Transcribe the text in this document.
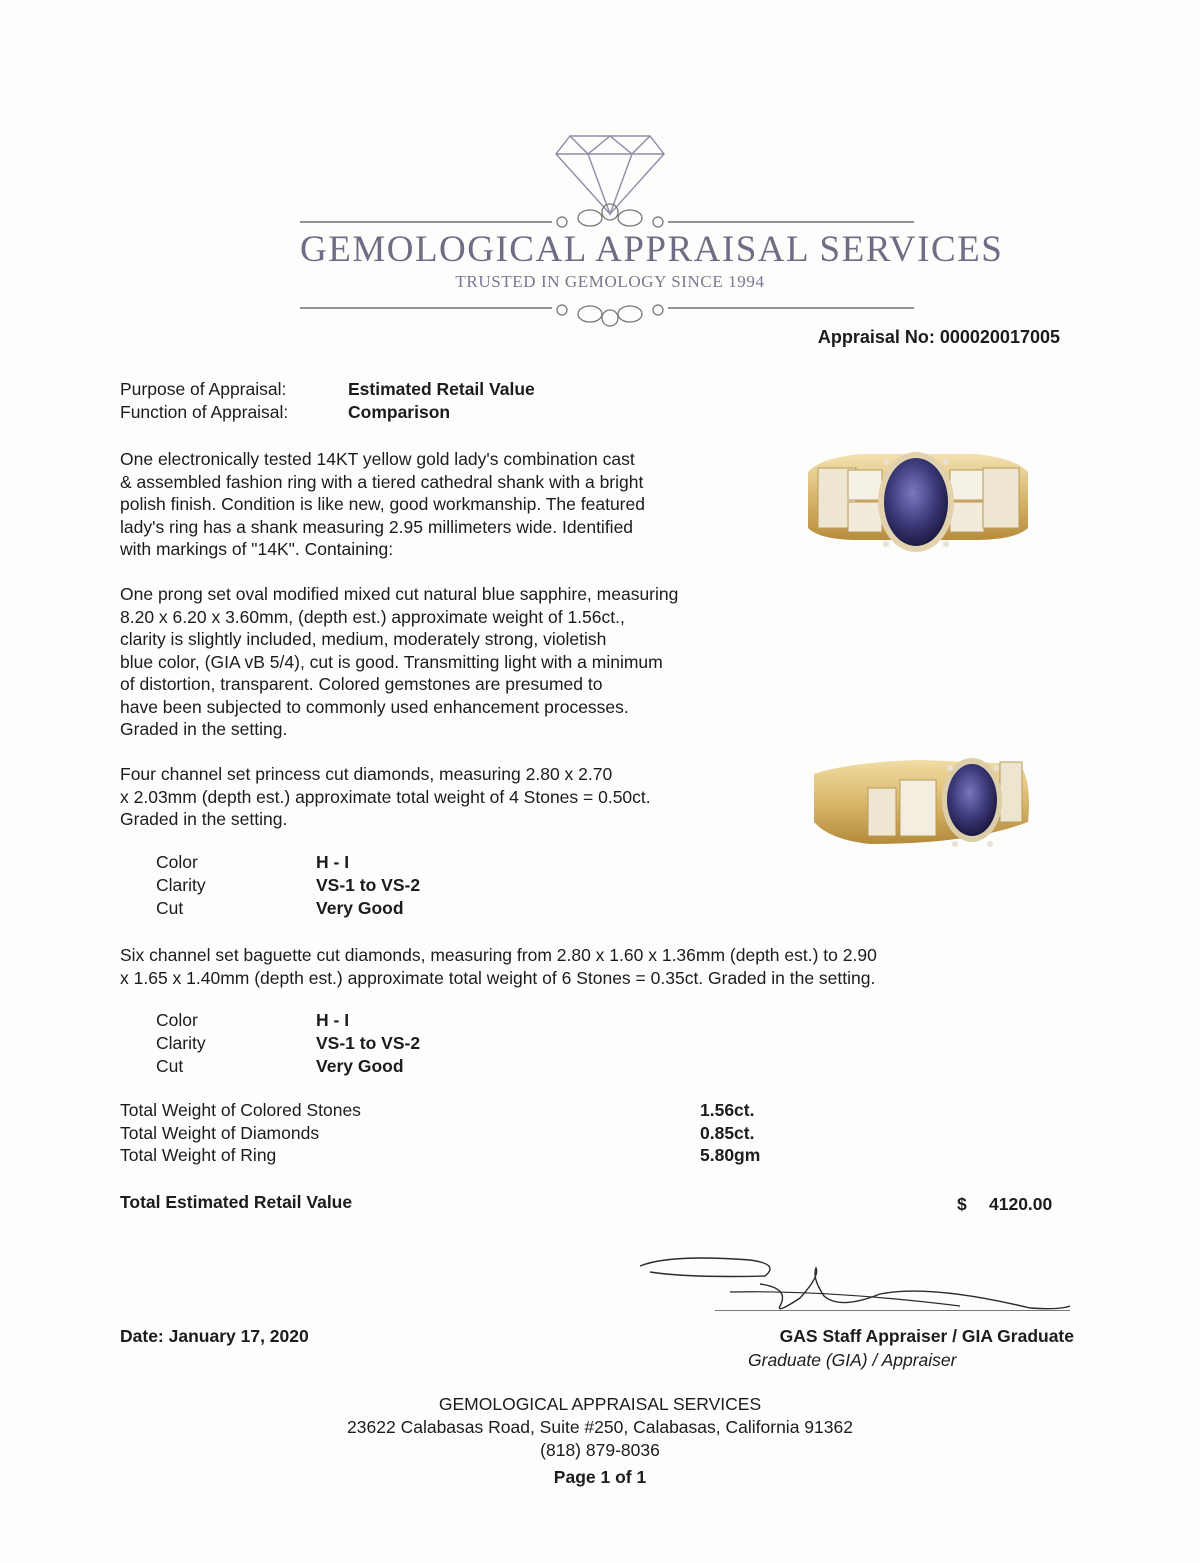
GEMOLOGICAL APPRAISAL SERVICES
TRUSTED IN GEMOLOGY SINCE 1994
Appraisal No: 000020017005
Purpose of Appraisal:	Estimated Retail Value
Function of Appraisal:	Comparison
One electronically tested 14KT yellow gold lady's combination cast
& assembled fashion ring with a tiered cathedral shank with a bright
polish finish. Condition is like new, good workmanship. The featured
lady's ring has a shank measuring 2.95 millimeters wide. Identified
with markings of "14K". Containing:
One prong set oval modified mixed cut natural blue sapphire, measuring
8.20 x 6.20 x 3.60mm, (depth est.) approximate weight of 1.56ct.,
clarity is slightly included, medium, moderately strong, violetish
blue color, (GIA vB 5/4), cut is good. Transmitting light with a minimum
of distortion, transparent. Colored gemstones are presumed to
have been subjected to commonly used enhancement processes.
Graded in the setting.
Four channel set princess cut diamonds, measuring 2.80 x 2.70
x 2.03mm (depth est.) approximate total weight of 4 Stones = 0.50ct.
Graded in the setting.
Color	H - I
Clarity	VS-1 to VS-2
Cut	Very Good
Six channel set baguette cut diamonds, measuring from 2.80 x 1.60 x 1.36mm (depth est.) to 2.90
x 1.65 x 1.40mm (depth est.) approximate total weight of 6 Stones = 0.35ct. Graded in the setting.
Color	H - I
Clarity	VS-1 to VS-2
Cut	Very Good
Total Weight of Colored Stones	1.56ct.
Total Weight of Diamonds	0.85ct.
Total Weight of Ring	5.80gm
Total Estimated Retail Value	$ 4120.00
Date: January 17, 2020	GAS Staff Appraiser / GIA Graduate
Graduate (GIA) / Appraiser
GEMOLOGICAL APPRAISAL SERVICES
23622 Calabasas Road, Suite #250, Calabasas, California 91362
(818) 879-8036
Page 1 of 1
